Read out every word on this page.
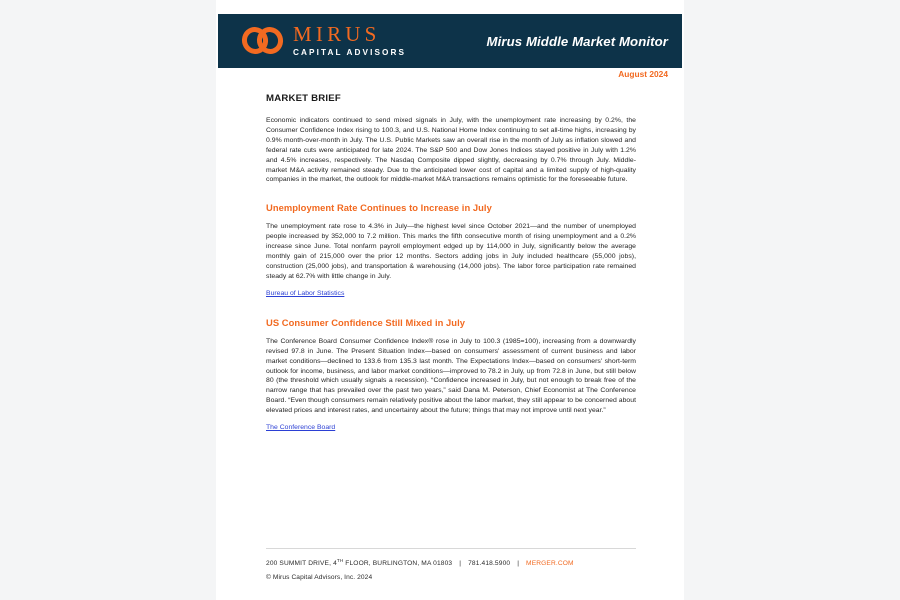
MIRUS
CAPITAL ADVISORS
Mirus Middle Market Monitor
August 2024
MARKET BRIEF

Economic indicators continued to send mixed signals in July, with the unemployment rate increasing by 0.2%, the Consumer Confidence Index rising to 100.3, and U.S. National Home Index continuing to set all-time highs, increasing by 0.9% month-over-month in July. The U.S. Public Markets saw an overall rise in the month of July as inflation slowed and federal rate cuts were anticipated for late 2024. The S&P 500 and Dow Jones Indices stayed positive in July with 1.2% and 4.5% increases, respectively. The Nasdaq Composite dipped slightly, decreasing by 0.7% through July. Middle-market M&A activity remained steady. Due to the anticipated lower cost of capital and a limited supply of high-quality companies in the market, the outlook for middle-market M&A transactions remains optimistic for the foreseeable future.

Unemployment Rate Continues to Increase in July

The unemployment rate rose to 4.3% in July—the highest level since October 2021—and the number of unemployed people increased by 352,000 to 7.2 million. This marks the fifth consecutive month of rising unemployment and a 0.2% increase since June. Total nonfarm payroll employment edged up by 114,000 in July, significantly below the average monthly gain of 215,000 over the prior 12 months. Sectors adding jobs in July included healthcare (55,000 jobs), construction (25,000 jobs), and transportation & warehousing (14,000 jobs). The labor force participation rate remained steady at 62.7% with little change in July.

Bureau of Labor Statistics
US Consumer Confidence Still Mixed in July

The Conference Board Consumer Confidence Index® rose in July to 100.3 (1985=100), increasing from a downwardly revised 97.8 in June. The Present Situation Index—based on consumers' assessment of current business and labor market conditions—declined to 133.6 from 135.3 last month. The Expectations Index—based on consumers' short-term outlook for income, business, and labor market conditions—improved to 78.2 in July, up from 72.8 in June, but still below 80 (the threshold which usually signals a recession). “Confidence increased in July, but not enough to break free of the narrow range that has prevailed over the past two years,” said Dana M. Peterson, Chief Economist at The Conference Board. “Even though consumers remain relatively positive about the labor market, they still appear to be concerned about elevated prices and interest rates, and uncertainty about the future; things that may not improve until next year.”

The Conference Board
200 SUMMIT DRIVE, 4TH FLOOR, BURLINGTON, MA 01803 | 781.418.5900 | MERGER.COM
© Mirus Capital Advisors, Inc. 2024
